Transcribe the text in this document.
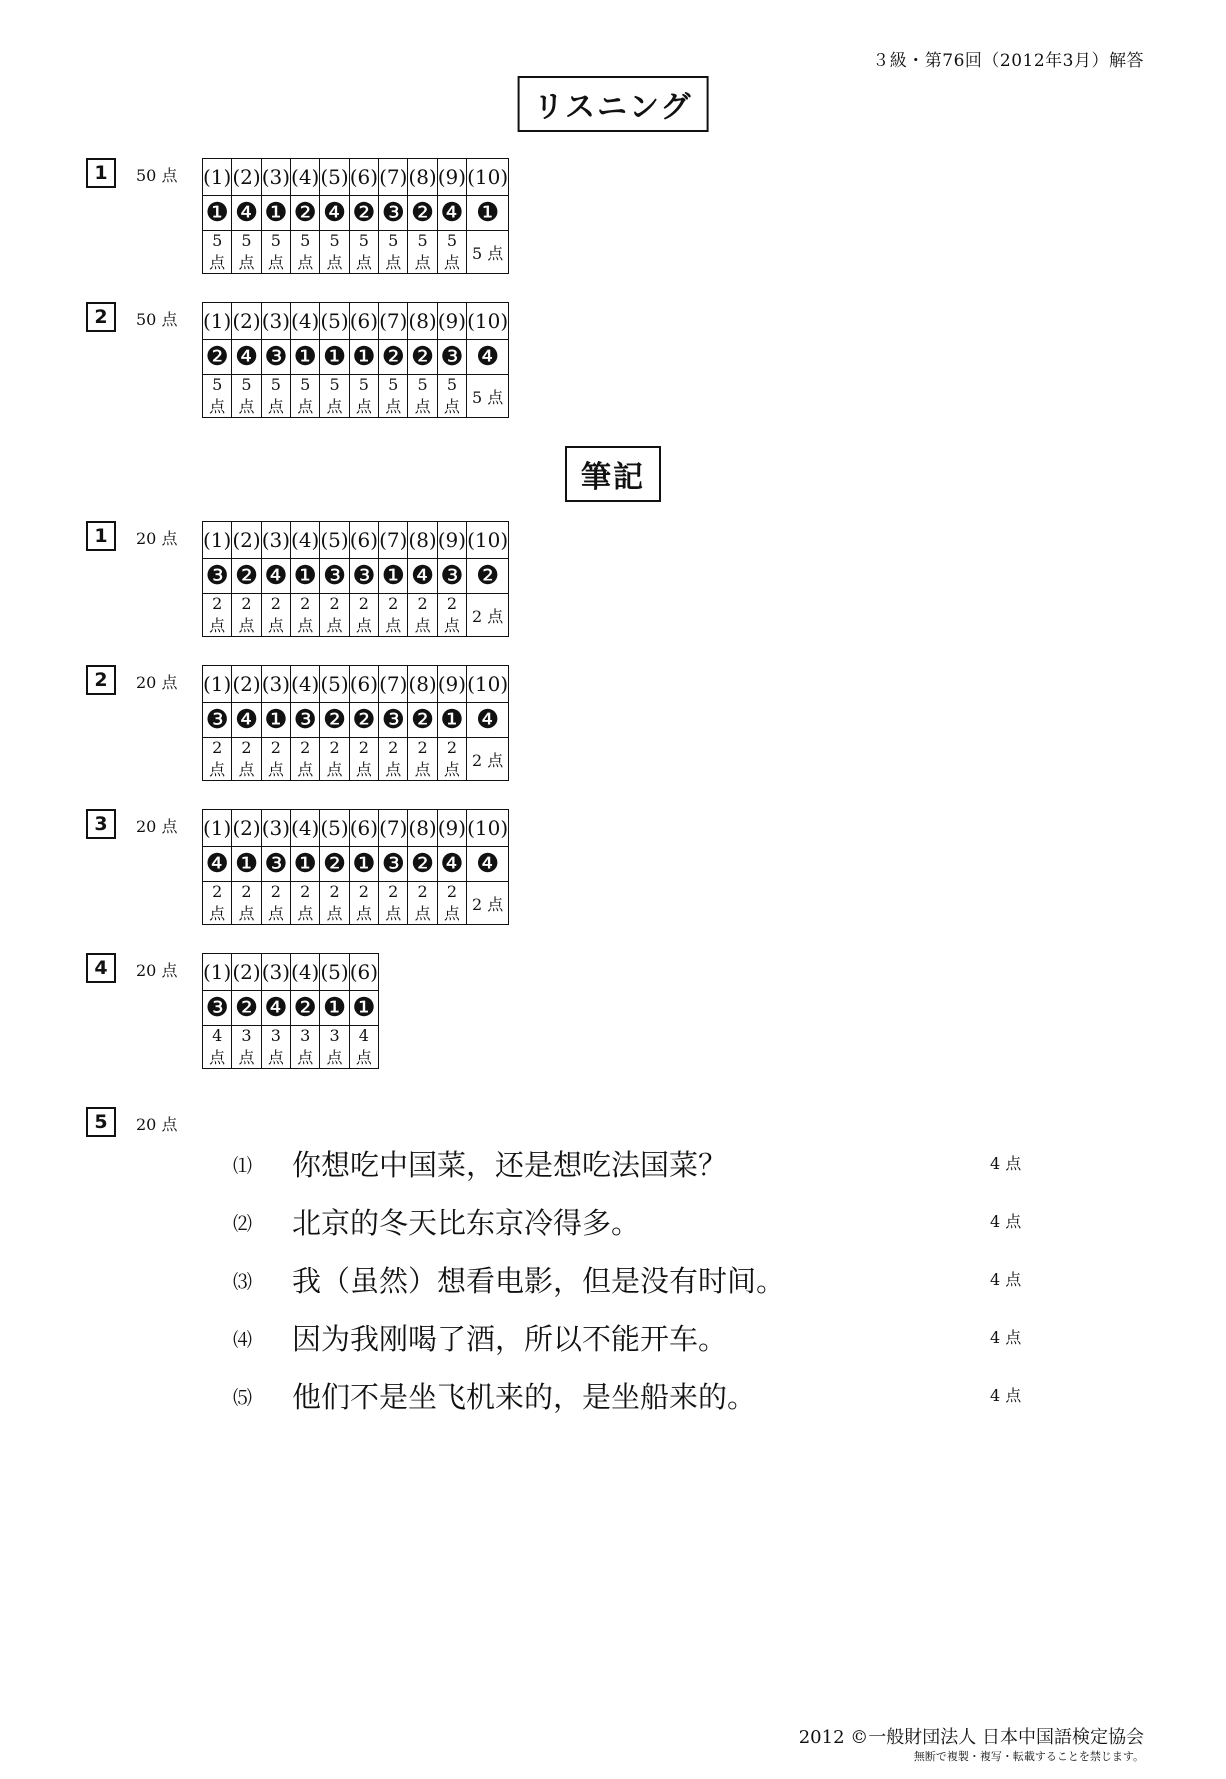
３級・第76回（2012年3月）解答
リスニング
筆記
1	50 点 (1)	(2)	(3)	(4)	(5)	(6)	(7)	(8)	(9)	(10)
❶	❹	❶	❷	❹	❷	❸	❷	❹	❶
5 点	5 点	5 点	5 点	5 点	5 点	5 点	5 点	5 点	5 点
2	50 点 (1)	(2)	(3)	(4)	(5)	(6)	(7)	(8)	(9)	(10)
❷	❹	❸	❶	❶	❶	❷	❷	❸	❹
5 点	5 点	5 点	5 点	5 点	5 点	5 点	5 点	5 点	5 点
1	20 点 (1)	(2)	(3)	(4)	(5)	(6)	(7)	(8)	(9)	(10)
❸	❷	❹	❶	❸	❸	❶	❹	❸	❷
2 点	2 点	2 点	2 点	2 点	2 点	2 点	2 点	2 点	2 点
2	20 点 (1)	(2)	(3)	(4)	(5)	(6)	(7)	(8)	(9)	(10)
❸	❹	❶	❸	❷	❷	❸	❷	❶	❹
2 点	2 点	2 点	2 点	2 点	2 点	2 点	2 点	2 点	2 点
3	20 点 (1)	(2)	(3)	(4)	(5)	(6)	(7)	(8)	(9)	(10)
❹	❶	❸	❶	❷	❶	❸	❷	❹	❹
2 点	2 点	2 点	2 点	2 点	2 点	2 点	2 点	2 点	2 点
4	20 点 (1)	(2)	(3)	(4)	(5)	(6)
❸	❷	❹	❷	❶	❶
4 点	3 点	3 点	3 点	3 点	4 点
5	20 点
⑴ 你想吃中国菜，还是想吃法国菜？	4 点
⑵ 北京的冬天比东京冷得多。	4 点
⑶ 我（虽然）想看电影，但是没有时间。	4 点
⑷ 因为我刚喝了酒，所以不能开车。	4 点
⑸ 他们不是坐飞机来的，是坐船来的。	4 点
2012 ©一般財団法人 日本中国語検定協会
無断で複製・複写・転載することを禁じます。
